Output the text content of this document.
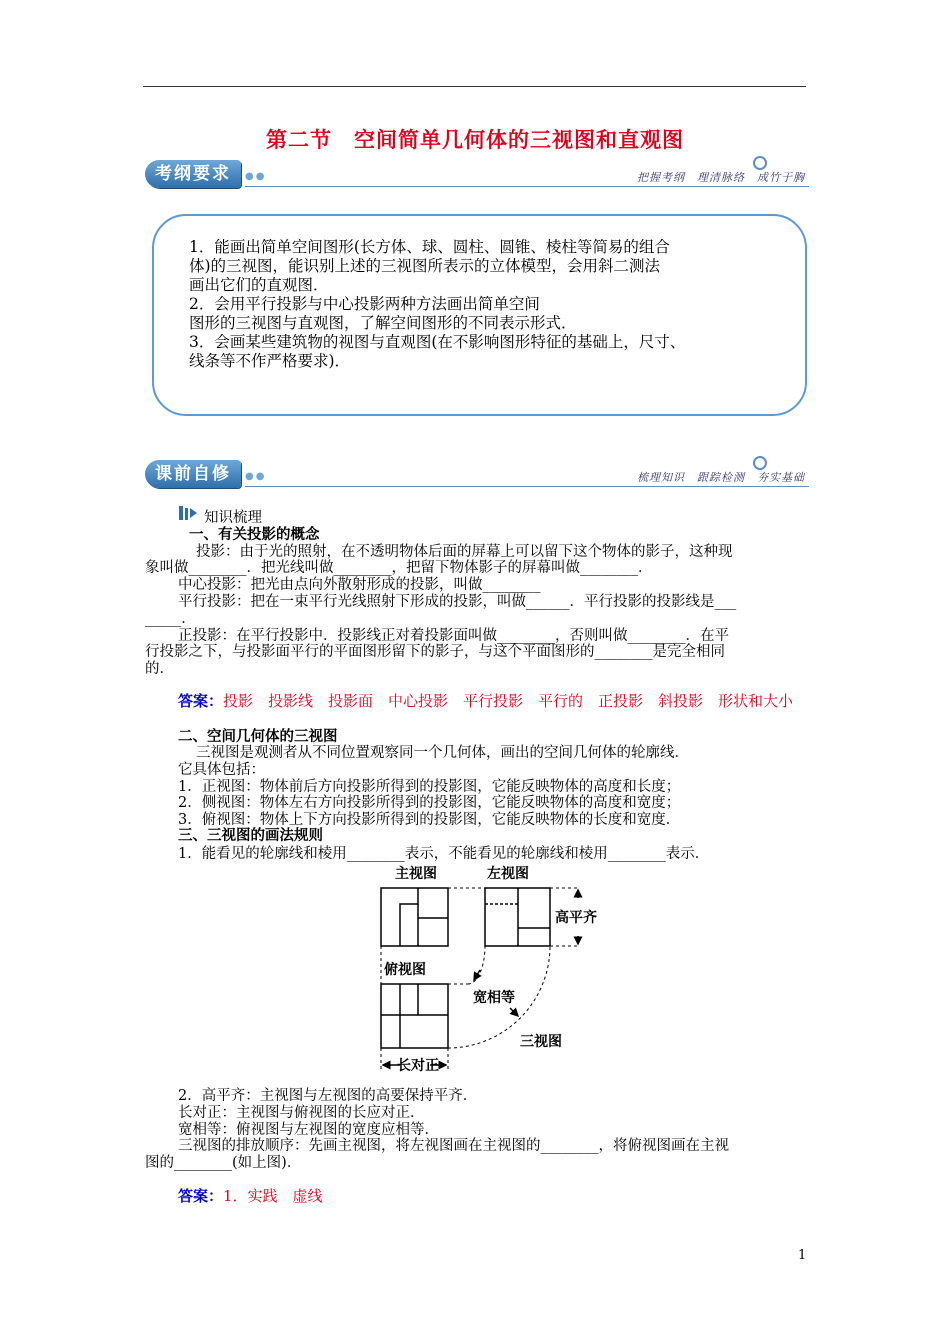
第二节　空间简单几何体的三视图和直观图
考纲要求	●●	把握考纲　理清脉络　成竹于胸
1．能画出简单空间图形(长方体、球、圆柱、圆锥、棱柱等简易的组合
体)的三视图，能识别上述的三视图所表示的立体模型，会用斜二测法
画出它们的直观图．
2．会用平行投影与中心投影两种方法画出简单空间
图形的三视图与直观图，了解空间图形的不同表示形式．
3．会画某些建筑物的视图与直观图(在不影响图形特征的基础上，尺寸、
线条等不作严格要求)．
课前自修	●●	梳理知识　跟踪检测　夯实基础
知识梳理
一、有关投影的概念
投影：由于光的照射，在不透明物体后面的屏幕上可以留下这个物体的影子，这种现
象叫做________．把光线叫做________，把留下物体影子的屏幕叫做________．
中心投影：把光由点向外散射形成的投影，叫做________
平行投影：把在一束平行光线照射下形成的投影，叫做______．平行投影的投影线是___
_____．
正投影：在平行投影中．投影线正对着投影面叫做________，否则叫做________．在平
行投影之下，与投影面平行的平面图形留下的影子，与这个平面图形的________是完全相同
的．
答案：投影　投影线　投影面　中心投影　平行投影　平行的　正投影　斜投影　形状和大小
二、空间几何体的三视图
三视图是观测者从不同位置观察同一个几何体，画出的空间几何体的轮廓线．
它具体包括：
1．正视图：物体前后方向投影所得到的投影图，它能反映物体的高度和长度；
2．侧视图：物体左右方向投影所得到的投影图，它能反映物体的高度和宽度；
3．俯视图：物体上下方向投影所得到的投影图，它能反映物体的长度和宽度．
三、三视图的画法规则
1．能看见的轮廓线和棱用________表示，不能看见的轮廓线和棱用________表示．
主视图	左视图
高平齐
俯视图
宽相等
三视图
长对正
2．高平齐：主视图与左视图的高要保持平齐．
长对正：主视图与俯视图的长应对正．
宽相等：俯视图与左视图的宽度应相等．
三视图的排放顺序：先画主视图，将左视图画在主视图的________，将俯视图画在主视
图的________(如上图)．
答案：1．实践　虚线
1
